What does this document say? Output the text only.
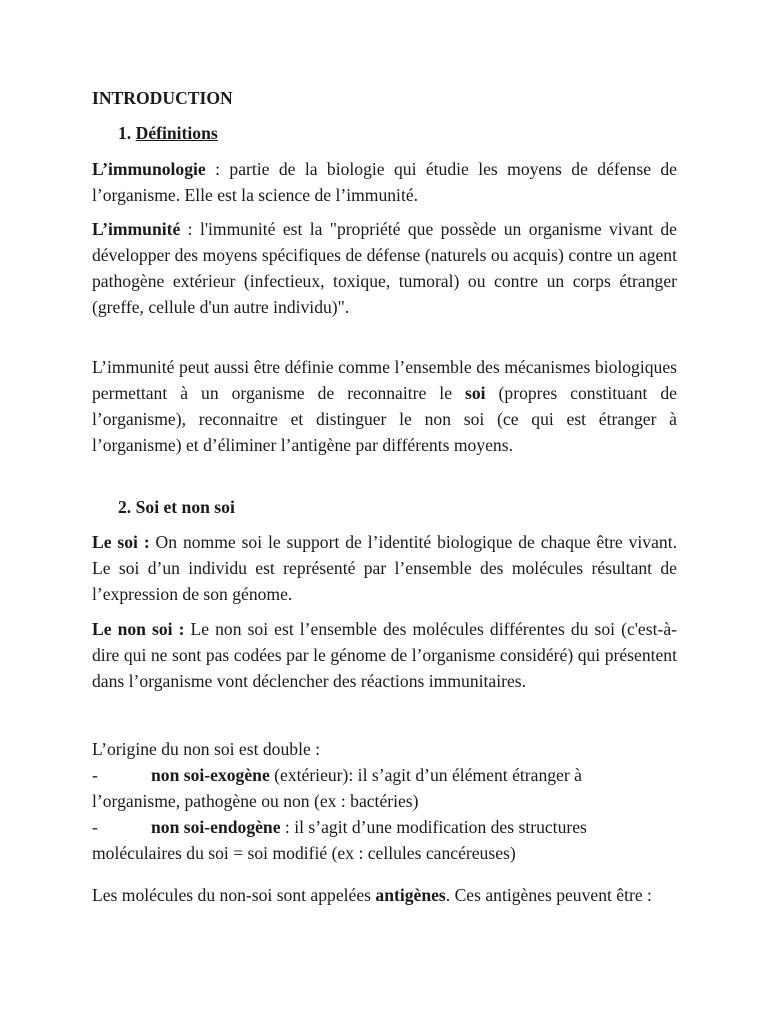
INTRODUCTION
1. Définitions
L’immunologie : partie de la biologie qui étudie les moyens de défense de l’organisme. Elle est la science de l’immunité.
L’immunité : l'immunité est la "propriété que possède un organisme vivant de développer des moyens spécifiques de défense (naturels ou acquis) contre un agent pathogène extérieur (infectieux, toxique, tumoral) ou contre un corps étranger (greffe, cellule d'un autre individu)".
L’immunité peut aussi être définie comme l’ensemble des mécanismes biologiques permettant à un organisme de reconnaitre le soi (propres constituant de l’organisme), reconnaitre et distinguer le non soi (ce qui est étranger à l’organisme) et d’éliminer l’antigène par différents moyens.
2. Soi et non soi
Le soi : On nomme soi le support de l’identité biologique de chaque être vivant. Le soi d’un individu est représenté par l’ensemble des molécules résultant de l’expression de son génome.
Le non soi : Le non soi est l’ensemble des molécules différentes du soi (c'est-à-dire qui ne sont pas codées par le génome de l’organisme considéré) qui présentent dans l’organisme vont déclencher des réactions immunitaires.
L’origine du non soi est double :
-	non soi-exogène (extérieur): il s’agit d’un élément étranger à l’organisme, pathogène ou non (ex : bactéries)
-	non soi-endogène : il s’agit d’une modification des structures moléculaires du soi = soi modifié (ex : cellules cancéreuses)
Les molécules du non-soi sont appelées antigènes. Ces antigènes peuvent être :
